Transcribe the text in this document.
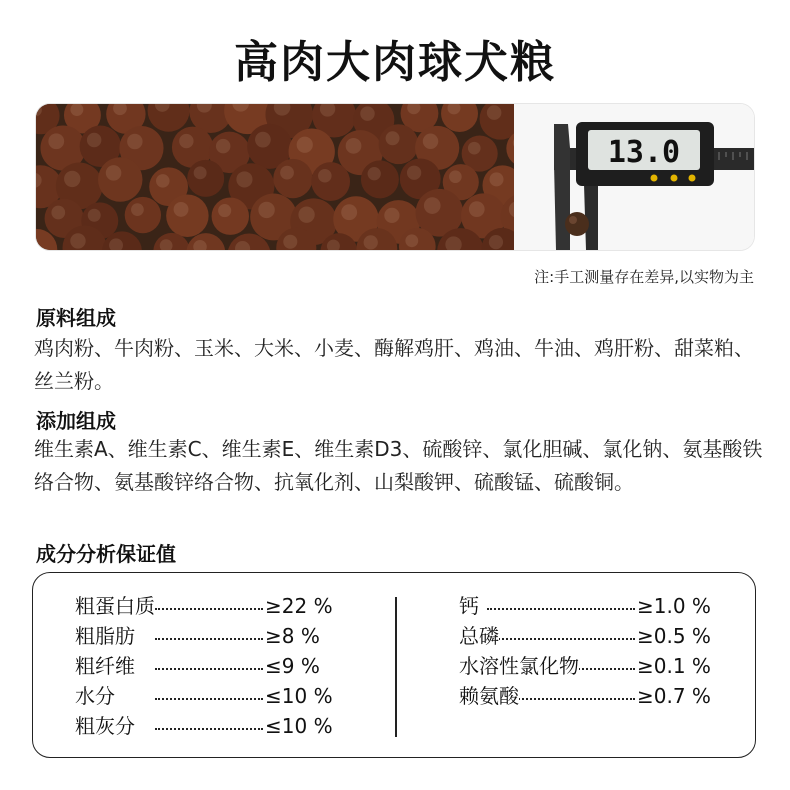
高肉大肉球犬粮
13.0
注:手工测量存在差异,以实物为主
原料组成
鸡肉粉、牛肉粉、玉米、大米、小麦、酶解鸡肝、鸡油、牛油、鸡肝粉、甜菜粕、丝兰粉。
添加组成
维生素A、维生素C、维生素E、维生素D3、硫酸锌、氯化胆碱、氯化钠、氨基酸铁络合物、氨基酸锌络合物、抗氧化剂、山梨酸钾、硫酸锰、硫酸铜。
成分分析保证值
粗蛋白质	≥22 %
粗脂肪	≥8 %
粗纤维	≤9 %
水分	≤10 %
粗灰分	≤10 %
钙	≥1.0 %
总磷	≥0.5 %
水溶性氯化物	≥0.1 %
赖氨酸	≥0.7 %
